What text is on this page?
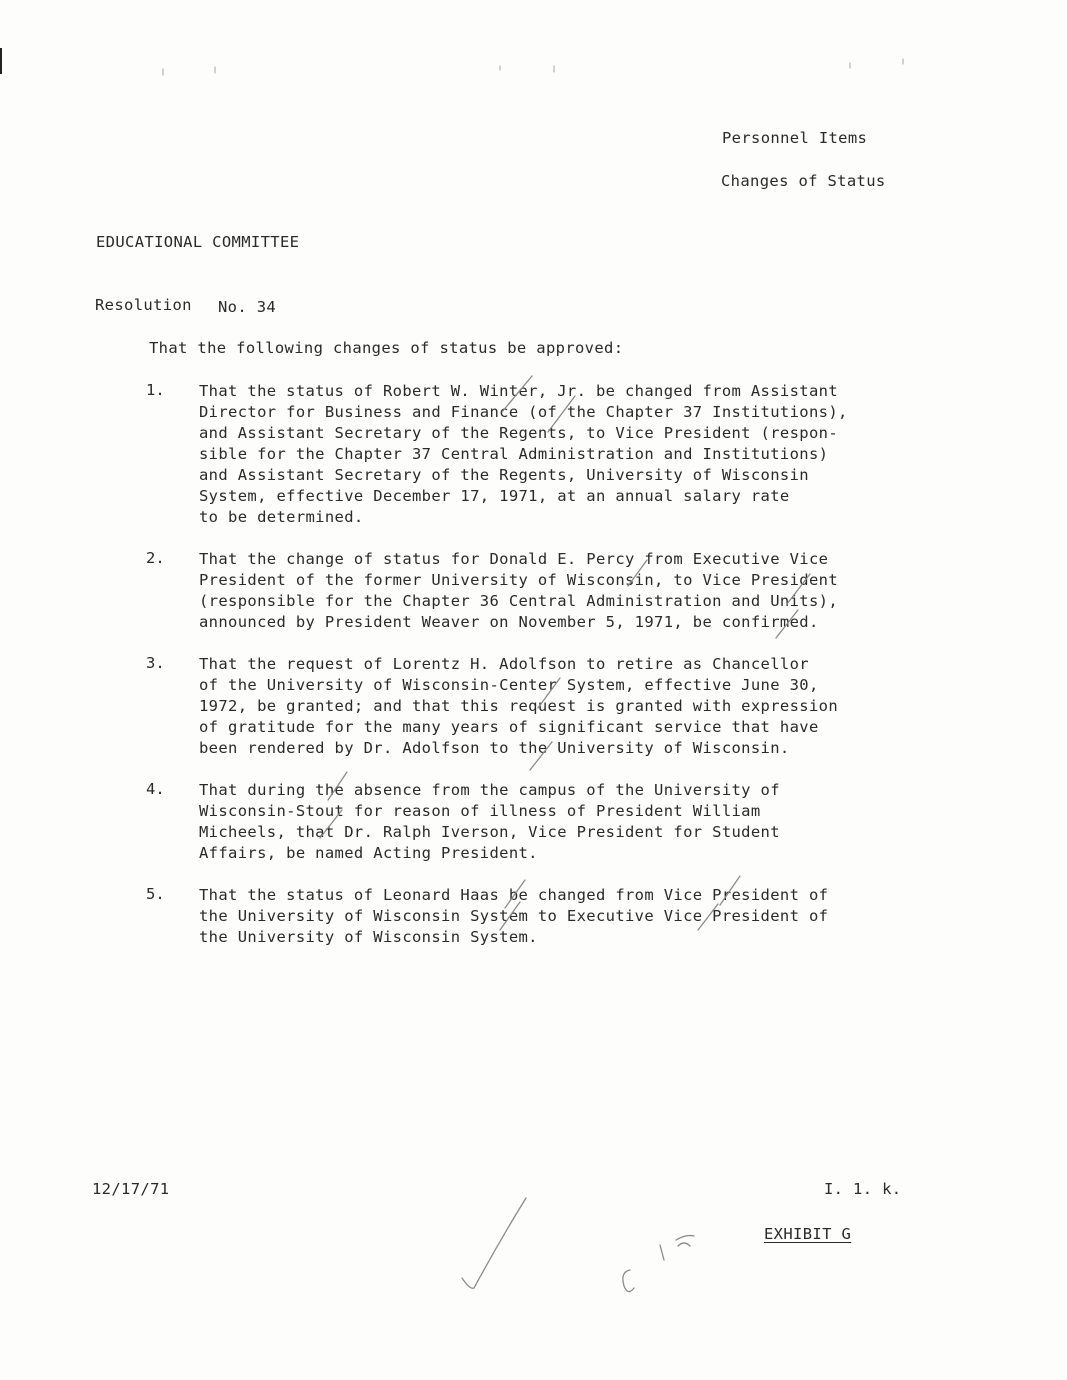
Personnel Items
Changes of Status
EDUCATIONAL COMMITTEE
Resolution No. 34
That the following changes of status be approved:
1. That the status of Robert W. Winter, Jr. be changed from Assistant
Director for Business and Finance (of the Chapter 37 Institutions),
and Assistant Secretary of the Regents, to Vice President (respon-
sible for the Chapter 37 Central Administration and Institutions)
and Assistant Secretary of the Regents, University of Wisconsin
System, effective December 17, 1971, at an annual salary rate
to be determined.
2. That the change of status for Donald E. Percy from Executive Vice
President of the former University of Wisconsin, to Vice President
(responsible for the Chapter 36 Central Administration and Units),
announced by President Weaver on November 5, 1971, be confirmed.
3. That the request of Lorentz H. Adolfson to retire as Chancellor
of the University of Wisconsin-Center System, effective June 30,
1972, be granted; and that this request is granted with expression
of gratitude for the many years of significant service that have
been rendered by Dr. Adolfson to the University of Wisconsin.
4. That during the absence from the campus of the University of
Wisconsin-Stout for reason of illness of President William
Micheels, that Dr. Ralph Iverson, Vice President for Student
Affairs, be named Acting President.
5. That the status of Leonard Haas be changed from Vice President of
the University of Wisconsin System to Executive Vice President of
the University of Wisconsin System.
12/17/71	I. 1. k.
EXHIBIT G
